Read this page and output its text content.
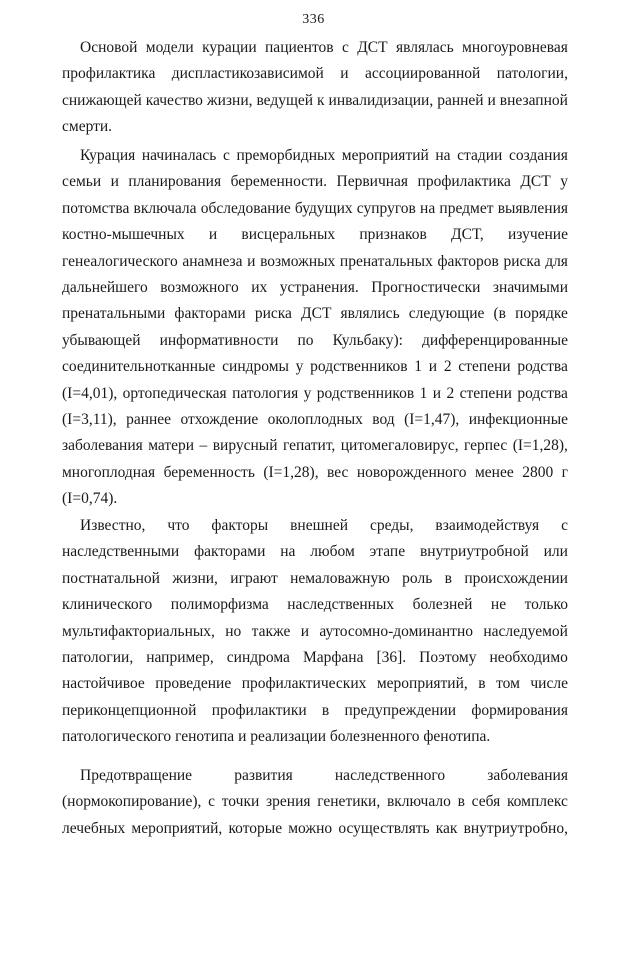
336
Основой модели курации пациентов с ДСТ являлась многоуровневая
профилактика диспластикозависимой и ассоциированной патологии,
снижающей качество жизни, ведущей к инвалидизации, ранней и внезапной
смерти.
Курация начиналась с преморбидных мероприятий на стадии создания
семьи и планирования беременности. Первичная профилактика ДСТ у
потомства включала обследование будущих супругов на предмет выявления
костно-мышечных и висцеральных признаков ДСТ, изучение
генеалогического анамнеза и возможных пренатальных факторов риска для
дальнейшего возможного их устранения. Прогностически значимыми
пренатальными факторами риска ДСТ являлись следующие (в порядке
убывающей информативности по Кульбаку): дифференцированные
соединительнотканные синдромы у родственников 1 и 2 степени родства
(I=4,01), ортопедическая патология у родственников 1 и 2 степени родства
(I=3,11), раннее отхождение околоплодных вод (I=1,47), инфекционные
заболевания матери – вирусный гепатит, цитомегаловирус, герпес (I=1,28),
многоплодная беременность (I=1,28), вес новорожденного менее 2800 г
(I=0,74).
Известно, что факторы внешней среды, взаимодействуя с
наследственными факторами на любом этапе внутриутробной или
постнатальной жизни, играют немаловажную роль в происхождении
клинического полиморфизма наследственных болезней не только
мультифакториальных, но также и аутосомно-доминантно наследуемой
патологии, например, синдрома Марфана [36]. Поэтому необходимо
настойчивое проведение профилактических мероприятий, в том числе
периконцепционной профилактики в предупреждении формирования
патологического генотипа и реализации болезненного фенотипа.
Предотвращение	развития	наследственного	заболевания
(нормокопирование), с точки зрения генетики, включало в себя комплекс
лечебных мероприятий, которые можно осуществлять как внутриутробно,
